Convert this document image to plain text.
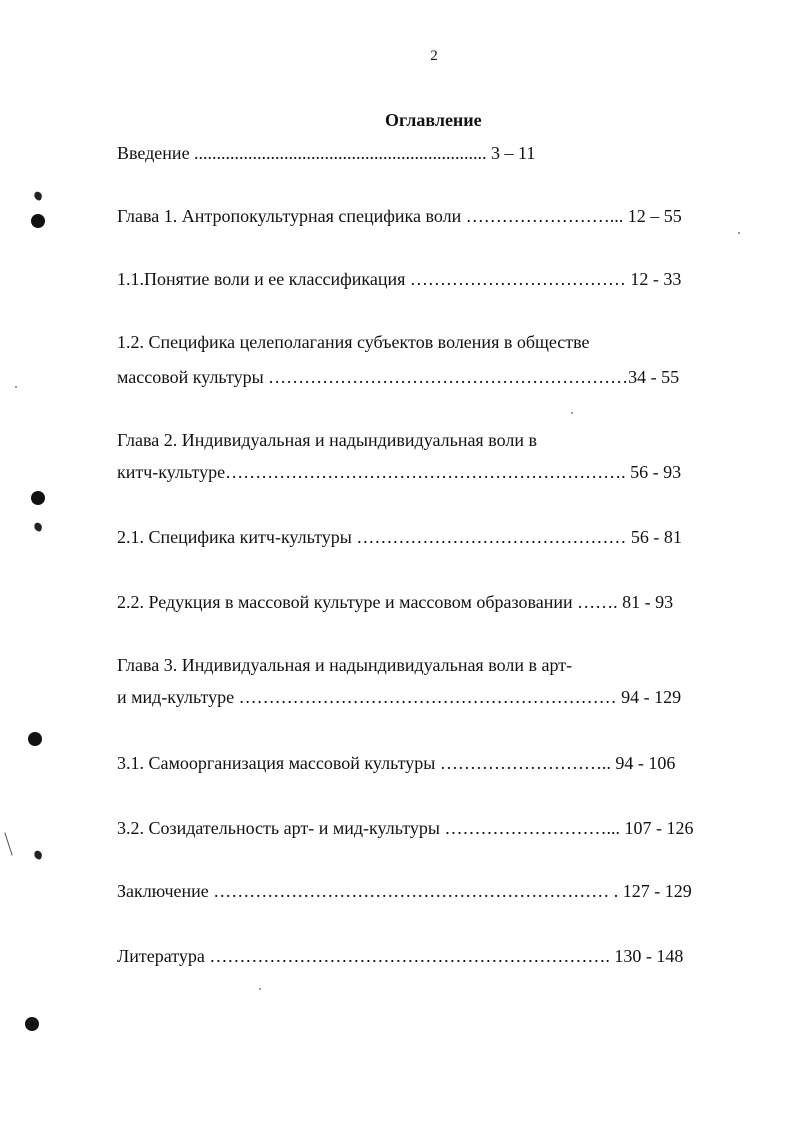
2
Оглавление
Введение ................................................................. 3 – 11
Глава 1. Антропокультурная специфика воли ……………………... 12 – 55
1.1.Понятие воли и ее классификация ……………………………… 12 - 33
1.2. Специфика целеполагания субъектов воления в обществе
массовой культуры ……………………………………………………34 - 55
Глава 2. Индивидуальная и надындивидуальная воли в
китч-культуре…………………………………………………………. 56 - 93
2.1. Специфика китч-культуры ……………………………………… 56 - 81
2.2. Редукция в массовой культуре и массовом образовании ……. 81 - 93
Глава 3. Индивидуальная и надындивидуальная воли в арт-
и мид-культуре ……………………………………………………… 94 - 129
3.1. Самоорганизация массовой культуры ……………………….. 94 - 106
3.2. Созидательность арт- и мид-культуры ………………………... 107 - 126
Заключение ………………………………………………………… . 127 - 129
Литература …………………………………………………………. 130 - 148
